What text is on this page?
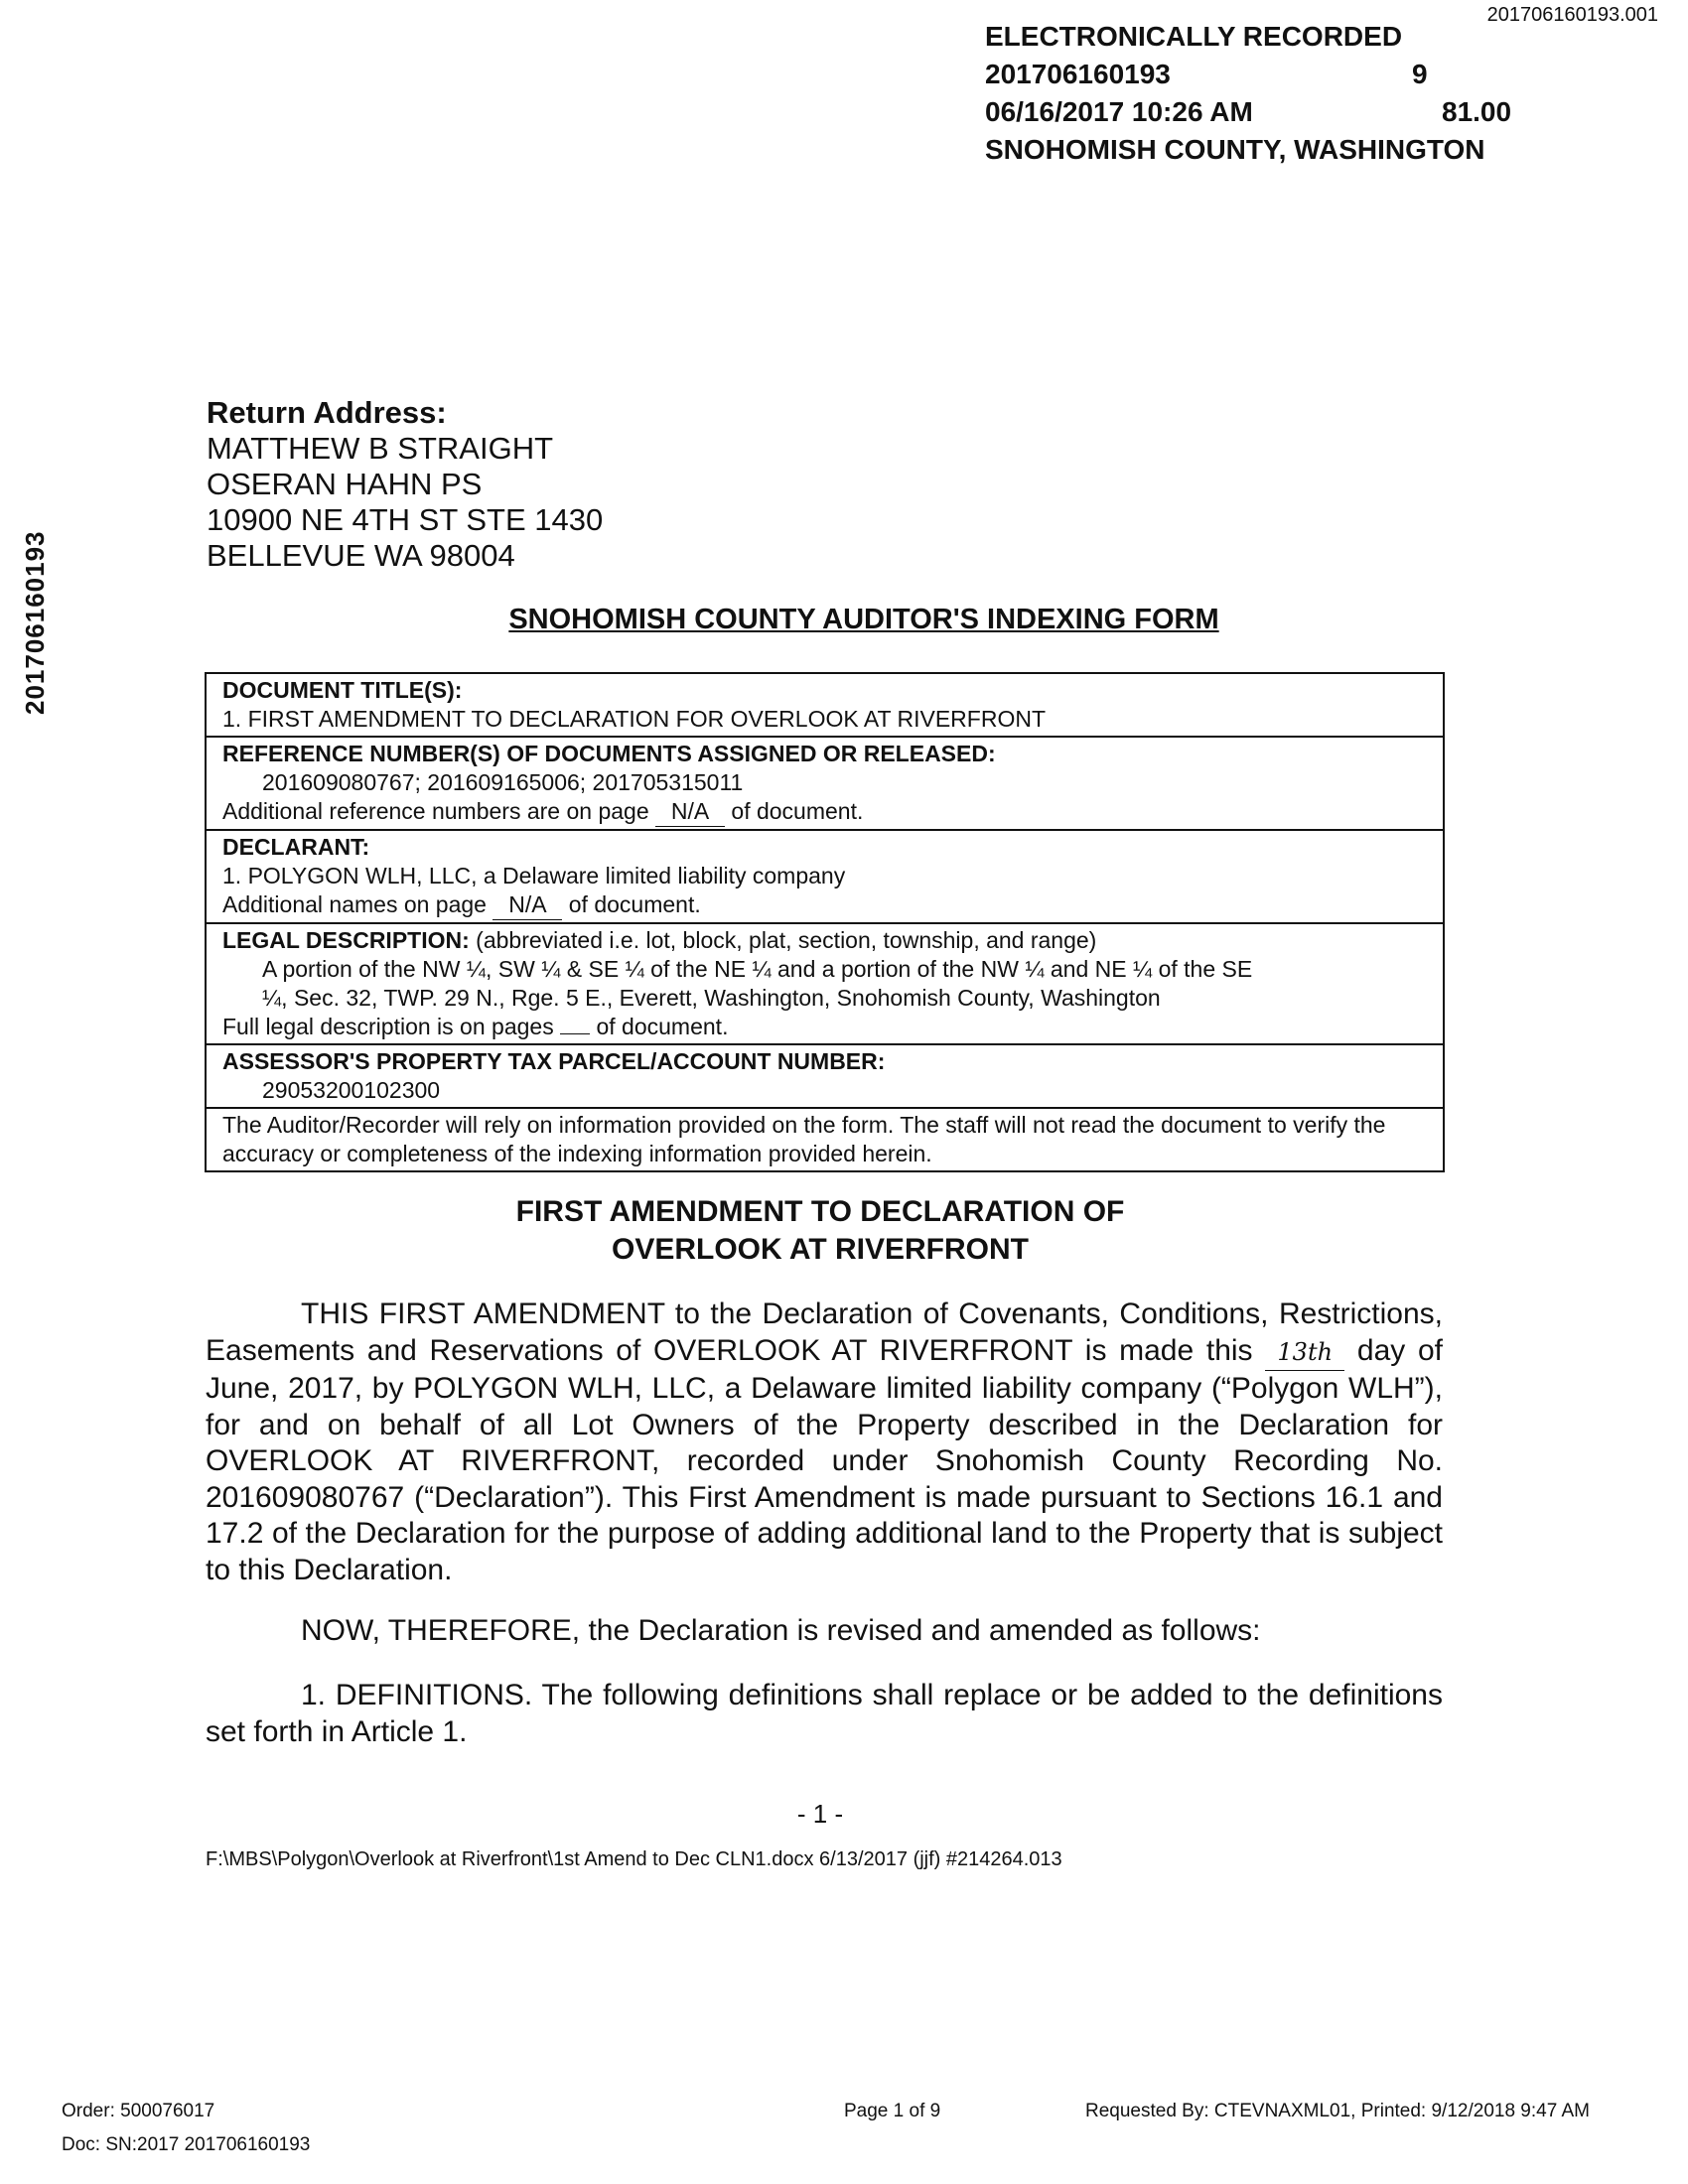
201706160193.001
ELECTRONICALLY RECORDED
201706160193	9
06/16/2017 10:26 AM	81.00
SNOHOMISH COUNTY, WASHINGTON
201706160193
Return Address:
MATTHEW B STRAIGHT
OSERAN HAHN PS
10900 NE 4TH ST STE 1430
BELLEVUE WA 98004
SNOHOMISH COUNTY AUDITOR'S INDEXING FORM
DOCUMENT TITLE(S):
1. FIRST AMENDMENT TO DECLARATION FOR OVERLOOK AT RIVERFRONT
REFERENCE NUMBER(S) OF DOCUMENTS ASSIGNED OR RELEASED:
201609080767; 201609165006; 201705315011
Additional reference numbers are on page N/A of document.
DECLARANT:
1. POLYGON WLH, LLC, a Delaware limited liability company
Additional names on page N/A of document.
LEGAL DESCRIPTION: (abbreviated i.e. lot, block, plat, section, township, and range)
A portion of the NW ¼, SW ¼ & SE ¼ of the NE ¼ and a portion of the NW ¼ and NE ¼ of the SE
¼, Sec. 32, TWP. 29 N., Rge. 5 E., Everett, Washington, Snohomish County, Washington
Full legal description is on pages of document.
ASSESSOR'S PROPERTY TAX PARCEL/ACCOUNT NUMBER:
29053200102300
The Auditor/Recorder will rely on information provided on the form. The staff will not read the document to verify the accuracy or completeness of the indexing information provided herein.
FIRST AMENDMENT TO DECLARATION OF
OVERLOOK AT RIVERFRONT
THIS FIRST AMENDMENT to the Declaration of Covenants, Conditions, Restrictions, Easements and Reservations of OVERLOOK AT RIVERFRONT is made this 13th day of June, 2017, by POLYGON WLH, LLC, a Delaware limited liability company (“Polygon WLH”), for and on behalf of all Lot Owners of the Property described in the Declaration for OVERLOOK AT RIVERFRONT, recorded under Snohomish County Recording No. 201609080767 (“Declaration”). This First Amendment is made pursuant to Sections 16.1 and 17.2 of the Declaration for the purpose of adding additional land to the Property that is subject to this Declaration.
NOW, THEREFORE, the Declaration is revised and amended as follows:
1. DEFINITIONS. The following definitions shall replace or be added to the definitions set forth in Article 1.
- 1 -
F:\MBS\Polygon\Overlook at Riverfront\1st Amend to Dec CLN1.docx 6/13/2017 (jjf) #214264.013
Order: 500076017
Doc: SN:2017 201706160193
Page 1 of 9	Requested By: CTEVNAXML01, Printed: 9/12/2018 9:47 AM
